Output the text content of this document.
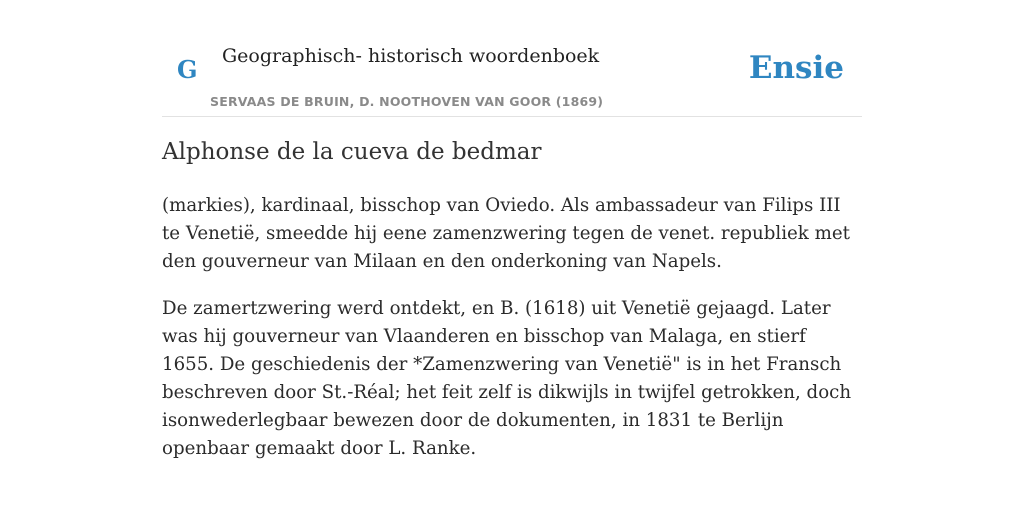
G Geographisch- historisch woordenboek
SERVAAS DE BRUIN, D. NOOTHOVEN VAN GOOR (1869)
Ensie
Alphonse de la cueva de bedmar

(markies), kardinaal, bisschop van Oviedo. Als ambassadeur van Filips III te Venetië, smeedde hij eene zamenzwering tegen de venet. republiek met den gouverneur van Milaan en den onderkoning van Napels.

De zamertzwering werd ontdekt, en B. (1618) uit Venetië gejaagd. Later was hij gouverneur van Vlaanderen en bisschop van Malaga, en stierf 1655. De geschiedenis der *Zamenzwering van Venetië" is in het Fransch beschreven door St.-Réal; het feit zelf is dikwijls in twijfel getrokken, doch isonwederlegbaar bewezen door de dokumenten, in 1831 te Berlijn openbaar gemaakt door L. Ranke.
